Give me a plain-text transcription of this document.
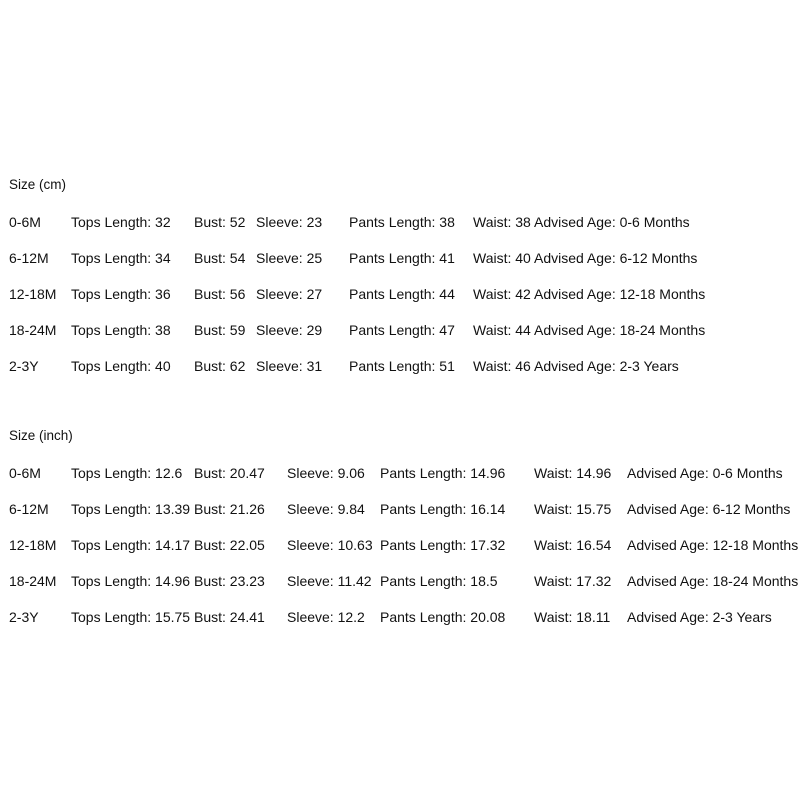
Size (cm)
0-6M Tops Length: 32 Bust: 52 Sleeve: 23 Pants Length: 38 Waist: 38 Advised Age: 0-6 Months
6-12M Tops Length: 34 Bust: 54 Sleeve: 25 Pants Length: 41 Waist: 40 Advised Age: 6-12 Months
12-18M Tops Length: 36 Bust: 56 Sleeve: 27 Pants Length: 44 Waist: 42 Advised Age: 12-18 Months
18-24M Tops Length: 38 Bust: 59 Sleeve: 29 Pants Length: 47 Waist: 44 Advised Age: 18-24 Months
2-3Y Tops Length: 40 Bust: 62 Sleeve: 31 Pants Length: 51 Waist: 46 Advised Age: 2-3 Years
Size (inch)
0-6M Tops Length: 12.6 Bust: 20.47 Sleeve: 9.06 Pants Length: 14.96 Waist: 14.96 Advised Age: 0-6 Months
6-12M Tops Length: 13.39 Bust: 21.26 Sleeve: 9.84 Pants Length: 16.14 Waist: 15.75 Advised Age: 6-12 Months
12-18M Tops Length: 14.17 Bust: 22.05 Sleeve: 10.63 Pants Length: 17.32 Waist: 16.54 Advised Age: 12-18 Months
18-24M Tops Length: 14.96 Bust: 23.23 Sleeve: 11.42 Pants Length: 18.5	Waist: 17.32 Advised Age: 18-24 Months
2-3Y Tops Length: 15.75 Bust: 24.41 Sleeve: 12.2 Pants Length: 20.08 Waist: 18.11 Advised Age: 2-3 Years
